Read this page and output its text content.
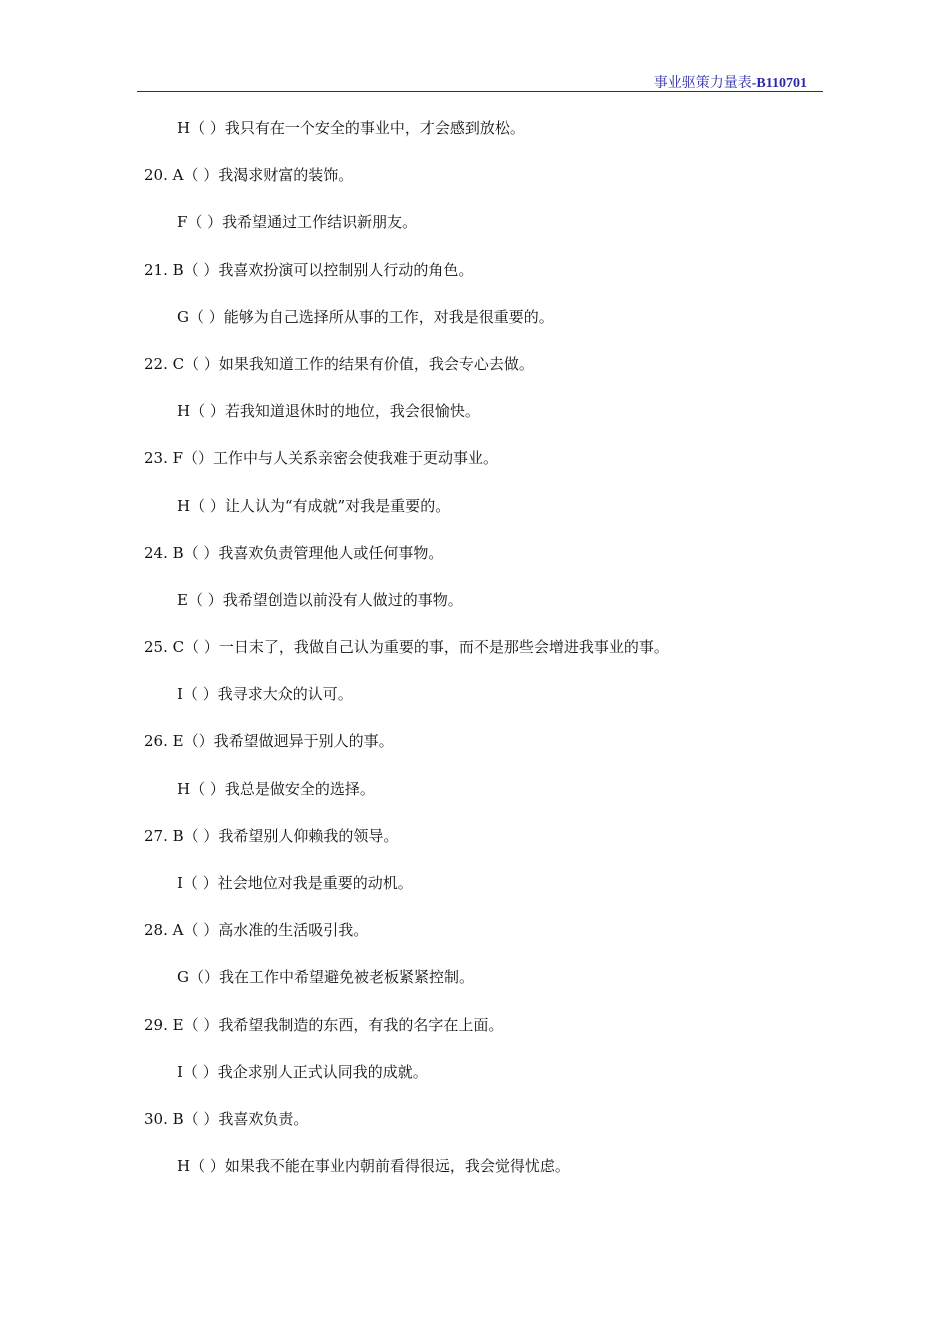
事业驱策力量表-B110701
H（ ）我只有在一个安全的事业中，才会感到放松。
20. A（ ）我渴求财富的装饰。
F（ ）我希望通过工作结识新朋友。
21. B（ ）我喜欢扮演可以控制别人行动的角色。
G（ ）能够为自己选择所从事的工作，对我是很重要的。
22. C（ ）如果我知道工作的结果有价值，我会专心去做。
H（ ）若我知道退休时的地位，我会很愉快。
23. F（）工作中与人关系亲密会使我难于更动事业。
H（ ）让人认为“有成就”对我是重要的。
24. B（ ）我喜欢负责管理他人或任何事物。
E（ ）我希望创造以前没有人做过的事物。
25. C（ ）一日末了，我做自己认为重要的事，而不是那些会增进我事业的事。
I（ ）我寻求大众的认可。
26. E（）我希望做迥异于别人的事。
H（ ）我总是做安全的选择。
27. B（ ）我希望别人仰赖我的领导。
I（ ）社会地位对我是重要的动机。
28. A（ ）高水准的生活吸引我。
G（）我在工作中希望避免被老板紧紧控制。
29. E（ ）我希望我制造的东西，有我的名字在上面。
I（ ）我企求别人正式认同我的成就。
30. B（ ）我喜欢负责。
H（ ）如果我不能在事业内朝前看得很远，我会觉得忧虑。
